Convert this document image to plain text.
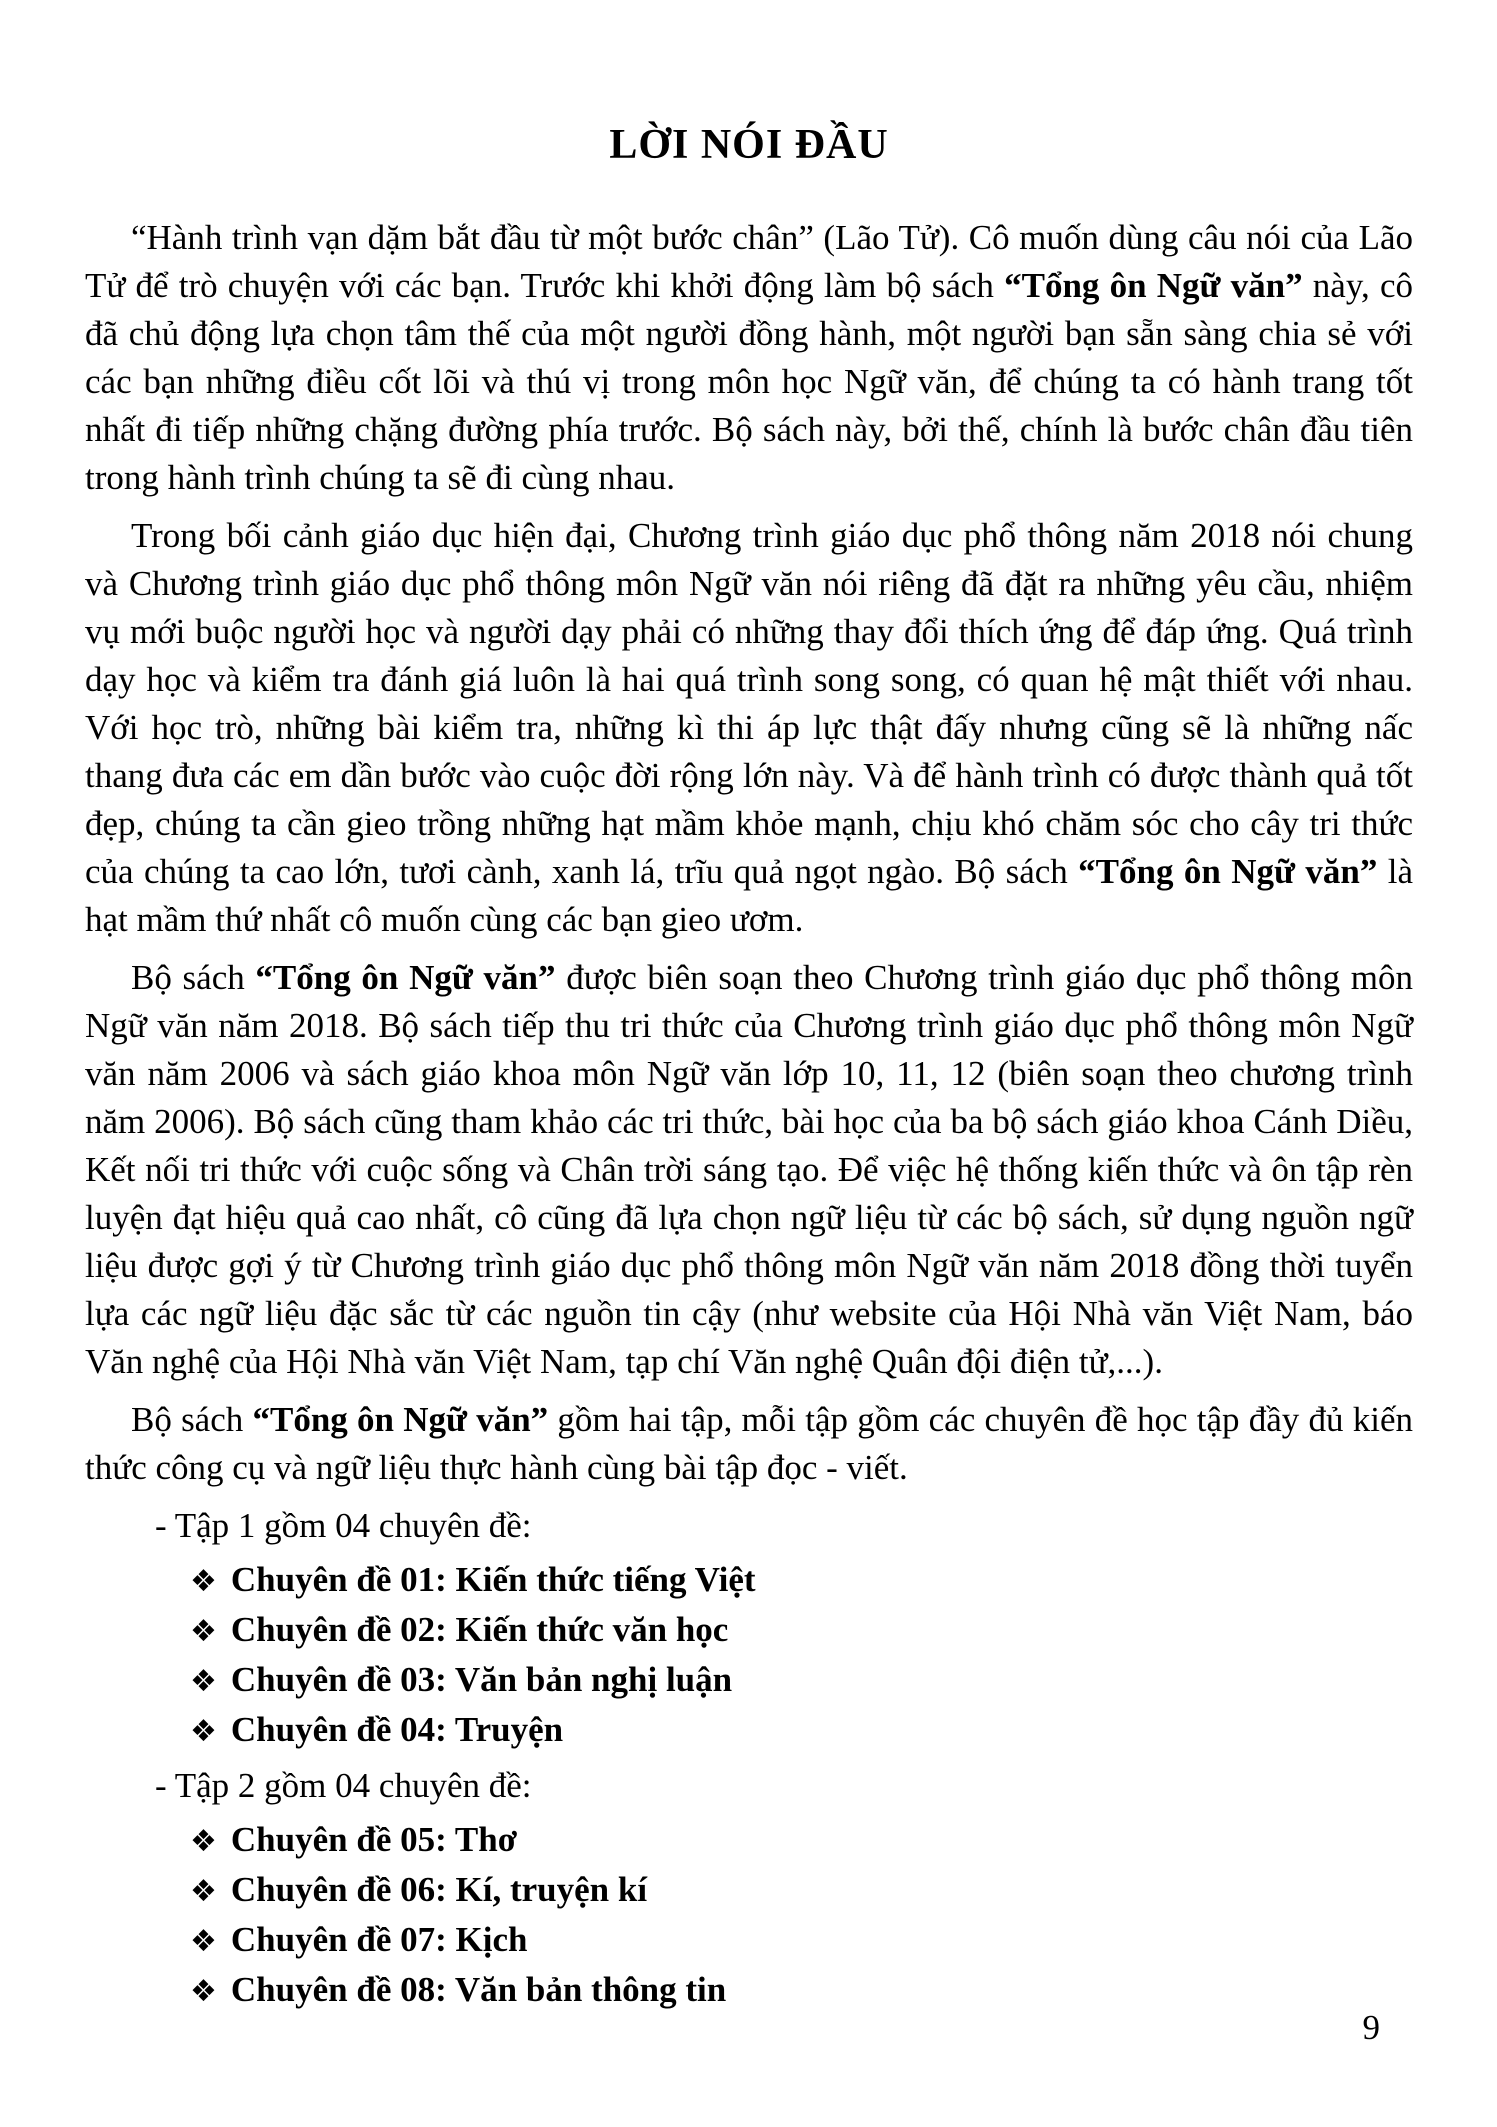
LỜI NÓI ĐẦU

“Hành trình vạn dặm bắt đầu từ một bước chân” (Lão Tử). Cô muốn dùng câu nói của Lão Tử để trò chuyện với các bạn. Trước khi khởi động làm bộ sách “Tổng ôn Ngữ văn” này, cô đã chủ động lựa chọn tâm thế của một người đồng hành, một người bạn sẵn sàng chia sẻ với các bạn những điều cốt lõi và thú vị trong môn học Ngữ văn, để chúng ta có hành trang tốt nhất đi tiếp những chặng đường phía trước. Bộ sách này, bởi thế, chính là bước chân đầu tiên trong hành trình chúng ta sẽ đi cùng nhau.

Trong bối cảnh giáo dục hiện đại, Chương trình giáo dục phổ thông năm 2018 nói chung và Chương trình giáo dục phổ thông môn Ngữ văn nói riêng đã đặt ra những yêu cầu, nhiệm vụ mới buộc người học và người dạy phải có những thay đổi thích ứng để đáp ứng. Quá trình dạy học và kiểm tra đánh giá luôn là hai quá trình song song, có quan hệ mật thiết với nhau. Với học trò, những bài kiểm tra, những kì thi áp lực thật đấy nhưng cũng sẽ là những nấc thang đưa các em dần bước vào cuộc đời rộng lớn này. Và để hành trình có được thành quả tốt đẹp, chúng ta cần gieo trồng những hạt mầm khỏe mạnh, chịu khó chăm sóc cho cây tri thức của chúng ta cao lớn, tươi cành, xanh lá, trĩu quả ngọt ngào. Bộ sách “Tổng ôn Ngữ văn” là hạt mầm thứ nhất cô muốn cùng các bạn gieo ươm.

Bộ sách “Tổng ôn Ngữ văn” được biên soạn theo Chương trình giáo dục phổ thông môn Ngữ văn năm 2018. Bộ sách tiếp thu tri thức của Chương trình giáo dục phổ thông môn Ngữ văn năm 2006 và sách giáo khoa môn Ngữ văn lớp 10, 11, 12 (biên soạn theo chương trình năm 2006). Bộ sách cũng tham khảo các tri thức, bài học của ba bộ sách giáo khoa Cánh Diều, Kết nối tri thức với cuộc sống và Chân trời sáng tạo. Để việc hệ thống kiến thức và ôn tập rèn luyện đạt hiệu quả cao nhất, cô cũng đã lựa chọn ngữ liệu từ các bộ sách, sử dụng nguồn ngữ liệu được gợi ý từ Chương trình giáo dục phổ thông môn Ngữ văn năm 2018 đồng thời tuyển lựa các ngữ liệu đặc sắc từ các nguồn tin cậy (như website của Hội Nhà văn Việt Nam, báo Văn nghệ của Hội Nhà văn Việt Nam, tạp chí Văn nghệ Quân đội điện tử,...).

Bộ sách “Tổng ôn Ngữ văn” gồm hai tập, mỗi tập gồm các chuyên đề học tập đầy đủ kiến thức công cụ và ngữ liệu thực hành cùng bài tập đọc - viết.

- Tập 1 gồm 04 chuyên đề:
❖ Chuyên đề 01: Kiến thức tiếng Việt
❖ Chuyên đề 02: Kiến thức văn học
❖ Chuyên đề 03: Văn bản nghị luận
❖ Chuyên đề 04: Truyện
- Tập 2 gồm 04 chuyên đề:
❖ Chuyên đề 05: Thơ
❖ Chuyên đề 06: Kí, truyện kí
❖ Chuyên đề 07: Kịch
❖ Chuyên đề 08: Văn bản thông tin
9
